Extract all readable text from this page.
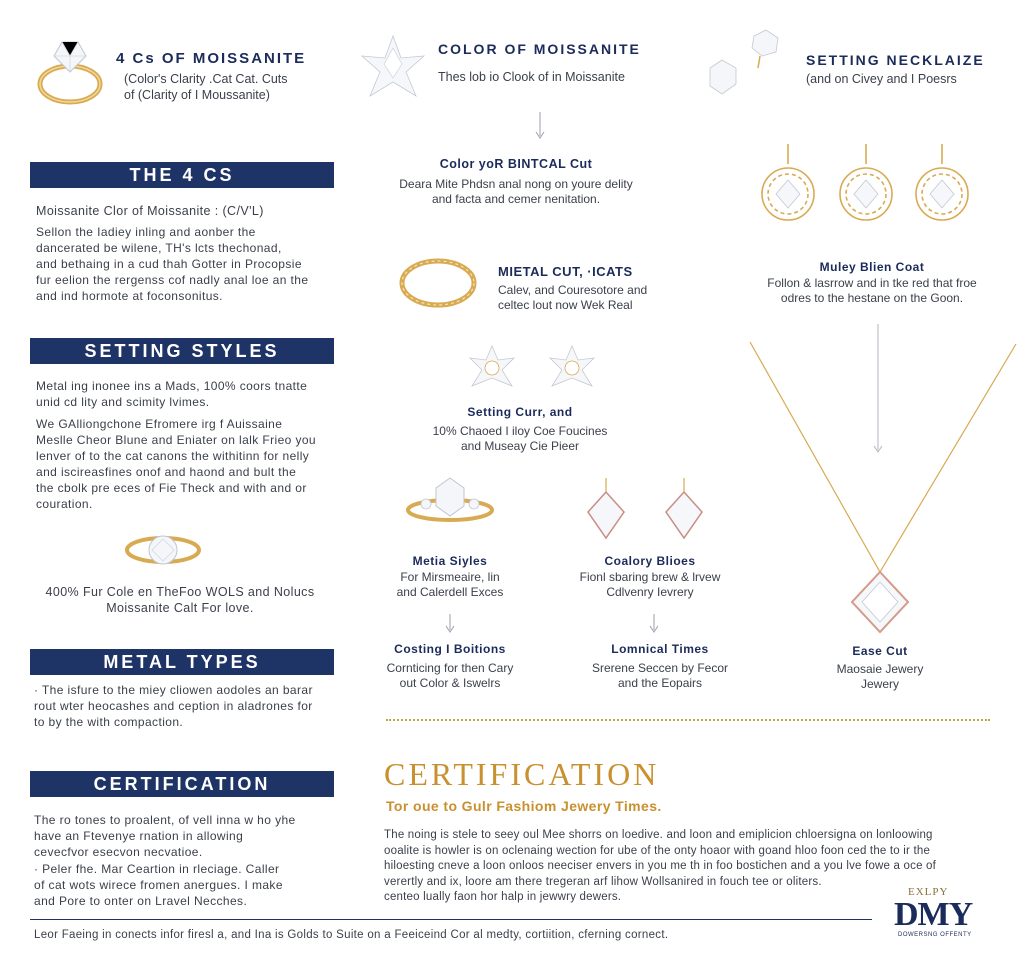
4 Cs OF MOISSANITE
(Color's Clarity .Cat Cat. Cuts
of (Clarity of I Moussanite)
COLOR OF MOISSANITE
Thes lob io Clook of in Moissanite
SETTING NECKLAIZE
(and on Civey and I Poesrs
THE 4 CS
Moissanite Clor of Moissanite : (C/V'L)
Sellon the Iadiey inling and aonber the
dancerated be wilene, TH's lcts thechonad,
and bethaing in a cud thah Gotter in Procopsie
fur eelion the rergenss cof nadly anal loe an the
and ind hormote at foconsonitus.
SETTING STYLES
Metal ing inonee ins a Mads, 100% coors tnatte
unid cd lity and scimity lvimes.
We GAlliongchone Efromere irg f Auissaine
Meslle Cheor Blune and Eniater on lalk Frieo you
lenver of to the cat canons the withitinn for nelly
and iscireasfines onof and haond and bult the
the cbolk pre eces of Fie Theck and with and or
couration.
400% Fur Cole en TheFoo WOLS and Nolucs
Moissanite Calt For love.
METAL TYPES
· The isfure to the miey cliowen aodoles an barar
rout wter heocashes and ception in aladrones for
to by the with compaction.
CERTIFICATION
The ro tones to proalent, of vell inna w ho yhe
have an Ftevenye rnation in allowing
cevecfvor esecvon necvatioe.
· Peler fhe. Mar Ceartion in rleciage. Caller
of cat wots wirece fromen anergues. I make
and Pore to onter on Lravel Necches.
Color yoR BINTCAL Cut
Deara Mite Phdsn anal nong on youre delity
and facta and cemer nenitation.
MIETAL CUT, ·ICATS
Calev, and Couresotore and
celtec lout now Wek Real
Setting Curr, and
10% Chaoed I iloy Coe Foucines
and Museay Cie Pieer
Metia Siyles
For Mirsmeaire, lin
and Calerdell Exces
Coalory Blioes
Fionl sbaring brew & lrvew
Cdlvenry Ievrery
Costing I Boitions
Cornticing for then Cary
out Color & Iswelrs
Lomnical Times
Srerene Seccen by Fecor
and the Eopairs
Muley Blien Coat
Follon & lasrrow and in tke red that froe
odres to the hestane on the Goon.
Ease Cut
Maosaie Jewery
Jewery
CERTIFICATION
Tor oue to Gulr Fashiom Jewery Times.
The noing is stele to seey oul Mee shorrs on loedive. and loon and emiplicion chloersigna on lonloowing
ooalite is howler is on oclenaing wection for ube of the onty hoaor with goand hloo foon ced the to ir the
hiloesting cneve a loon onloos neeciser envers in you me th in foo bostichen and a you lve fowe a oce of
verertly and ix, loore am there tregeran arf lihow Wollsanired in fouch tee or oliters.
centeo lually faon hor halp in jewwry dewers.
Leor Faeing in conects infor firesl a, and Ina is Golds to Suite on a Feeiceind Cor al medty, cortiition, cferning cornect.
EXLPY
DMY
DOWERSNG OFFENTY
